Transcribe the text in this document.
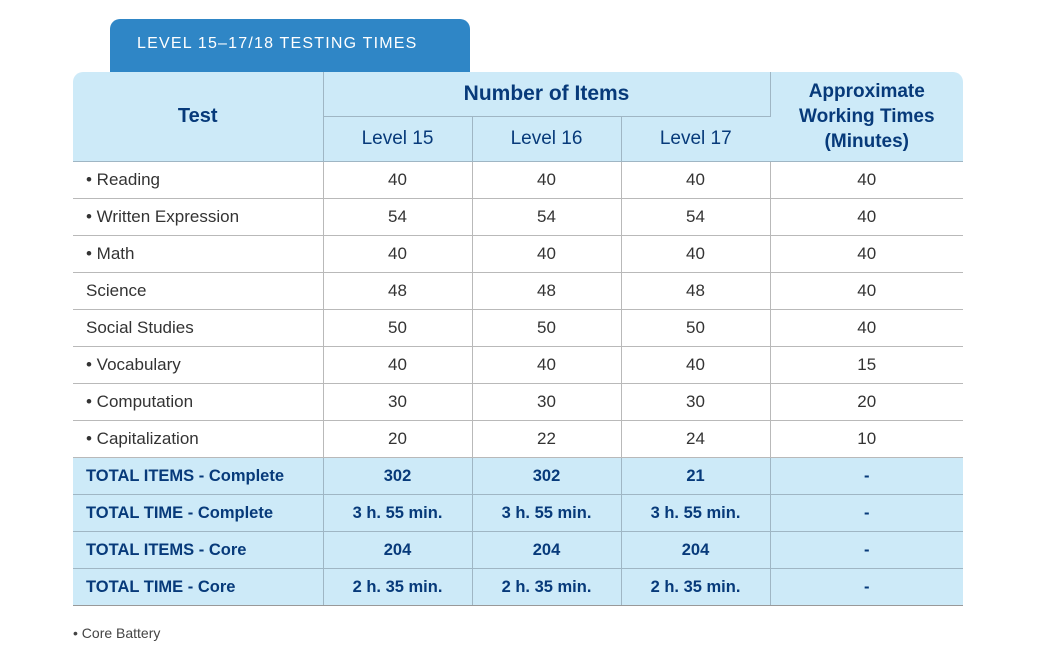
LEVEL 15–17/18 TESTING TIMES
Test	Number of Items			Approximate Working Times (Minutes)
	Level 15	Level 16	Level 17	
• Reading	40	40	40	40
• Written Expression	54	54	54	40
• Math	40	40	40	40
Science	48	48	48	40
Social Studies	50	50	50	40
• Vocabulary	40	40	40	15
• Computation	30	30	30	20
• Capitalization	20	22	24	10
TOTAL ITEMS - Complete	302	302	21	-
TOTAL TIME - Complete	3 h. 55 min.	3 h. 55 min.	3 h. 55 min.	-
TOTAL ITEMS - Core	204	204	204	-
TOTAL TIME - Core	2 h. 35 min.	2 h. 35 min.	2 h. 35 min.	-
• Core Battery
